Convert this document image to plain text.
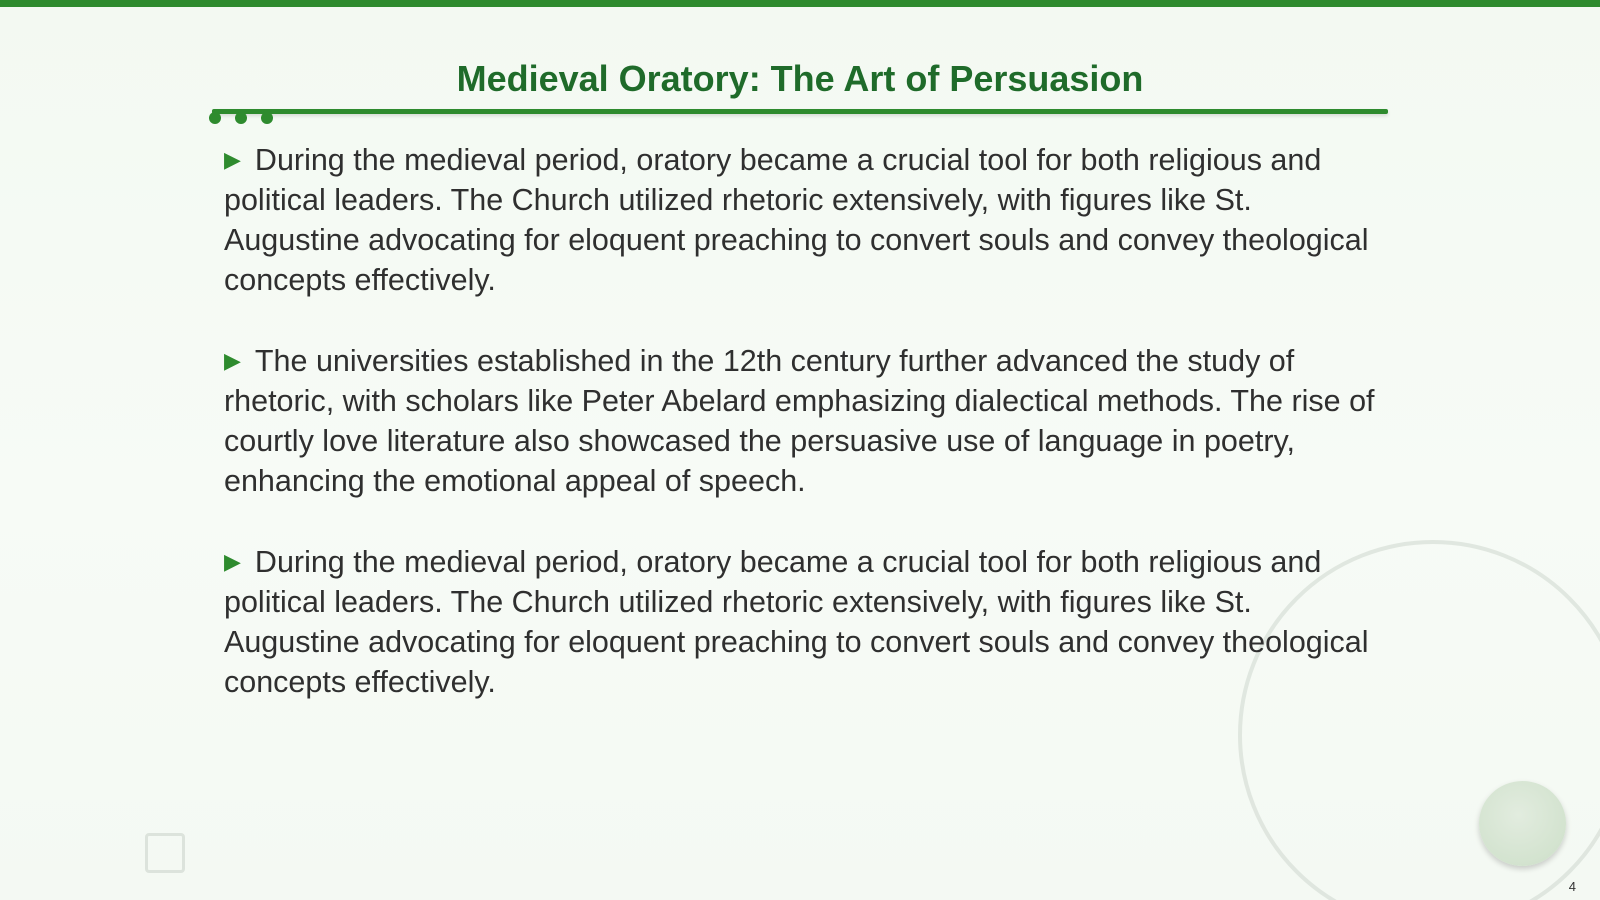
Medieval Oratory: The Art of Persuasion

▶ During the medieval period, oratory became a crucial tool for both religious and political leaders. The Church utilized rhetoric extensively, with figures like St. Augustine advocating for eloquent preaching to convert souls and convey theological concepts effectively.

▶ The universities established in the 12th century further advanced the study of rhetoric, with scholars like Peter Abelard emphasizing dialectical methods. The rise of courtly love literature also showcased the persuasive use of language in poetry, enhancing the emotional appeal of speech.

▶ During the medieval period, oratory became a crucial tool for both religious and political leaders. The Church utilized rhetoric extensively, with figures like St. Augustine advocating for eloquent preaching to convert souls and convey theological concepts effectively.

4
